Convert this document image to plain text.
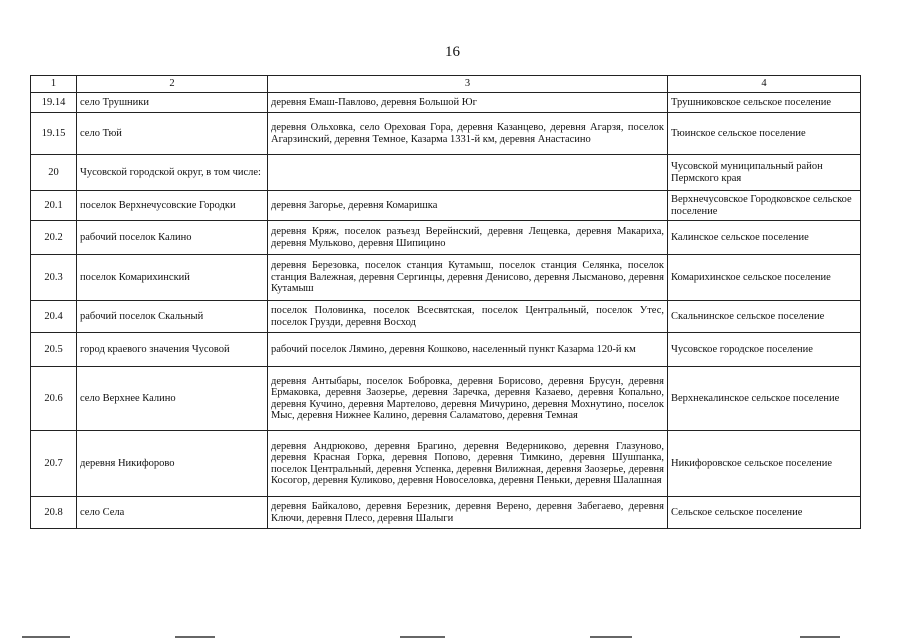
16
1	2	3	4
19.14	село Трушники	деревня Емаш-Павлово, деревня Большой Юг	Трушниковское сельское поселение
19.15	село Тюй	деревня Ольховка, село Ореховая Гора, деревня Казанцево, деревня Агарзя, поселок Агарзинский, деревня Темное, Казарма 1331-й км, деревня Анастасино	Тюинское сельское поселение
20	Чусовской городской округ, в том числе:		Чусовской муниципальный район Пермского края
20.1	поселок Верхнечусовские Городки	деревня Загорье, деревня Комаришка	Верхнечусовское Городковское сельское поселение
20.2	рабочий поселок Калино	деревня Кряж, поселок разъезд Верейнский, деревня Лещевка, деревня Макариха, деревня Мульково, деревня Шипицино	Калинское сельское поселение
20.3	поселок Комарихинский	деревня Березовка, поселок станция Кутамыш, поселок станция Селянка, поселок станция Валежная, деревня Сергинцы, деревня Денисово, деревня Лысманово, деревня Кутамыш	Комарихинское сельское поселение
20.4	рабочий поселок Скальный	поселок Половинка, поселок Всесвятская, поселок Центральный, поселок Утес, поселок Грузди, деревня Восход	Скальнинское сельское поселение
20.5	город краевого значения Чусовой	рабочий поселок Лямино, деревня Кошково, населенный пункт Казарма 120-й км	Чусовское городское поселение
20.6	село Верхнее Калино	деревня Антыбары, поселок Бобровка, деревня Борисово, деревня Брусун, деревня Ермаковка, деревня Заозерье, деревня Заречка, деревня Казаево, деревня Копально, деревня Кучино, деревня Мартелово, деревня Мичурино, деревня Мохнутино, поселок Мыс, деревня Нижнее Калино, деревня Саламатово, деревня Темная	Верхнекалинское сельское поселение
20.7	деревня Никифорово	деревня Андрюково, деревня Брагино, деревня Ведерниково, деревня Глазуново, деревня Красная Горка, деревня Попово, деревня Тимкино, деревня Шушпанка, поселок Центральный, деревня Успенка, деревня Вилижная, деревня Заозерье, деревня Косогор, деревня Куликово, деревня Новоселовка, деревня Пеньки, деревня Шалашная	Никифоровское сельское поселение
20.8	село Села	деревня Байкалово, деревня Березник, деревня Верено, деревня Забегаево, деревня Ключи, деревня Плесо, деревня Шалыги	Сельское сельское поселение
